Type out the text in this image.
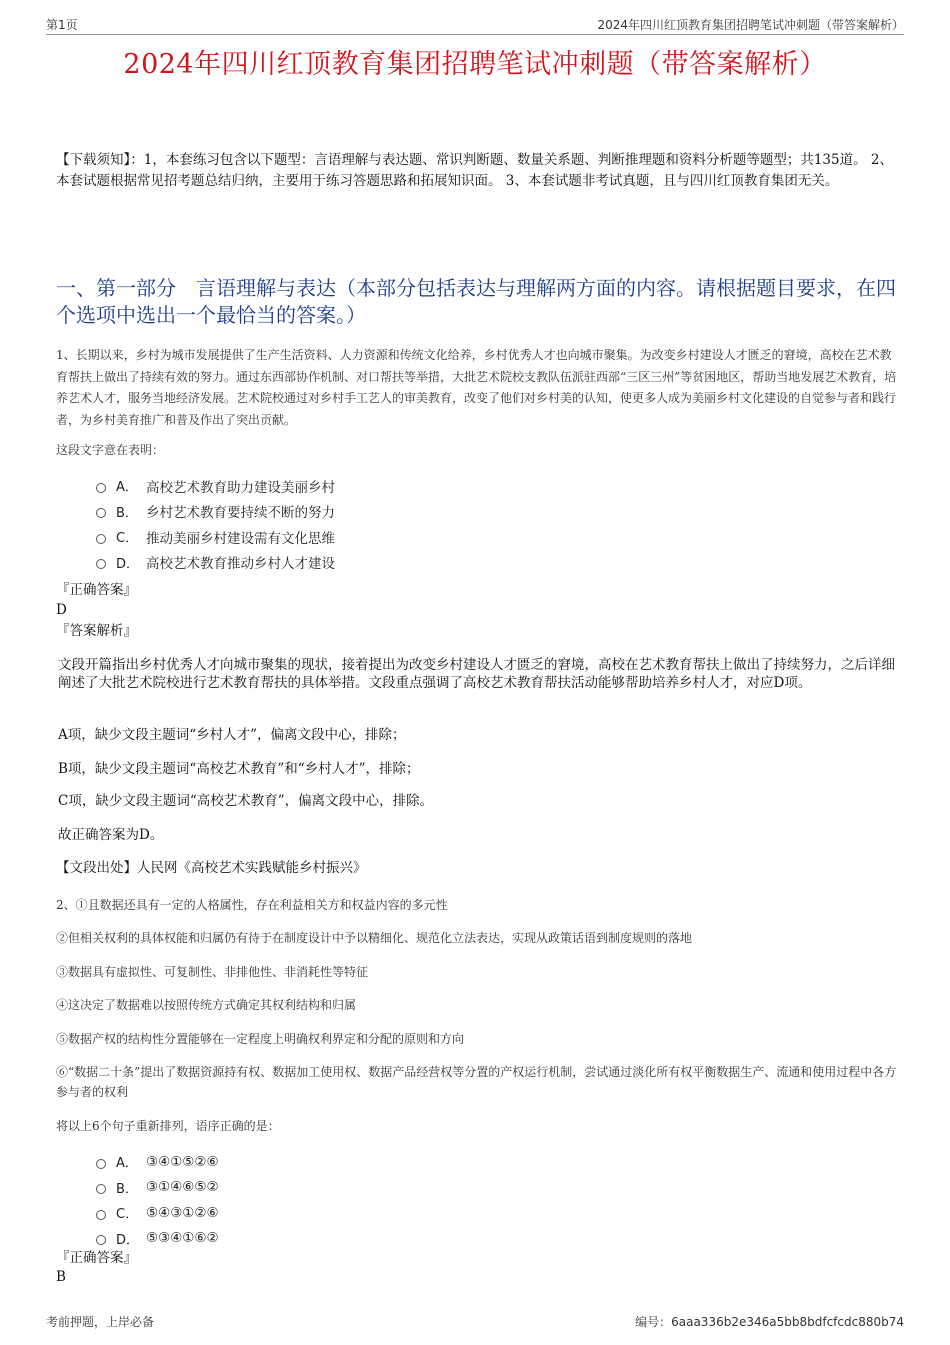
第1页	2024年四川红顶教育集团招聘笔试冲刺题（带答案解析）
2024年四川红顶教育集团招聘笔试冲刺题（带答案解析）
【下载须知】：1，本套练习包含以下题型：言语理解与表达题、常识判断题、数量关系题、判断推理题和资料分析题等题型；共135道。 2、本套试题根据常见招考题总结归纳，主要用于练习答题思路和拓展知识面。 3、本套试题非考试真题，且与四川红顶教育集团无关。
一、第一部分　言语理解与表达（本部分包括表达与理解两方面的内容。请根据题目要求，在四个选项中选出一个最恰当的答案。）
1、长期以来，乡村为城市发展提供了生产生活资料、人力资源和传统文化给养，乡村优秀人才也向城市聚集。为改变乡村建设人才匮乏的窘境，高校在艺术教育帮扶上做出了持续有效的努力。通过东西部协作机制、对口帮扶等举措，大批艺术院校支教队伍派驻西部“三区三州”等贫困地区，帮助当地发展艺术教育，培养艺术人才，服务当地经济发展。艺术院校通过对乡村手工艺人的审美教育，改变了他们对乡村美的认知，使更多人成为美丽乡村文化建设的自觉参与者和践行者，为乡村美育推广和普及作出了突出贡献。
这段文字意在表明：
A． 高校艺术教育助力建设美丽乡村
B． 乡村艺术教育要持续不断的努力
C． 推动美丽乡村建设需有文化思维
D． 高校艺术教育推动乡村人才建设
『正确答案』
D
『答案解析』
文段开篇指出乡村优秀人才向城市聚集的现状，接着提出为改变乡村建设人才匮乏的窘境，高校在艺术教育帮扶上做出了持续努力，之后详细阐述了大批艺术院校进行艺术教育帮扶的具体举措。文段重点强调了高校艺术教育帮扶活动能够帮助培养乡村人才，对应D项。
A项，缺少文段主题词“乡村人才”，偏离文段中心，排除；
B项，缺少文段主题词“高校艺术教育”和“乡村人才”，排除；
C项，缺少文段主题词“高校艺术教育”，偏离文段中心，排除。
故正确答案为D。
【文段出处】人民网《高校艺术实践赋能乡村振兴》
2、①且数据还具有一定的人格属性，存在利益相关方和权益内容的多元性
②但相关权利的具体权能和归属仍有待于在制度设计中予以精细化、规范化立法表达，实现从政策话语到制度规则的落地
③数据具有虚拟性、可复制性、非排他性、非消耗性等特征
④这决定了数据难以按照传统方式确定其权利结构和归属
⑤数据产权的结构性分置能够在一定程度上明确权利界定和分配的原则和方向
⑥“数据二十条”提出了数据资源持有权、数据加工使用权、数据产品经营权等分置的产权运行机制，尝试通过淡化所有权平衡数据生产、流通和使用过程中各方参与者的权利
将以上6个句子重新排列，语序正确的是：
A． ③④①⑤②⑥
B． ③①④⑥⑤②
C． ⑤④③①②⑥
D． ⑤③④①⑥②
『正确答案』
B
考前押题，上岸必备	编号：6aaa336b2e346a5bb8bdfcfcdc880b74
